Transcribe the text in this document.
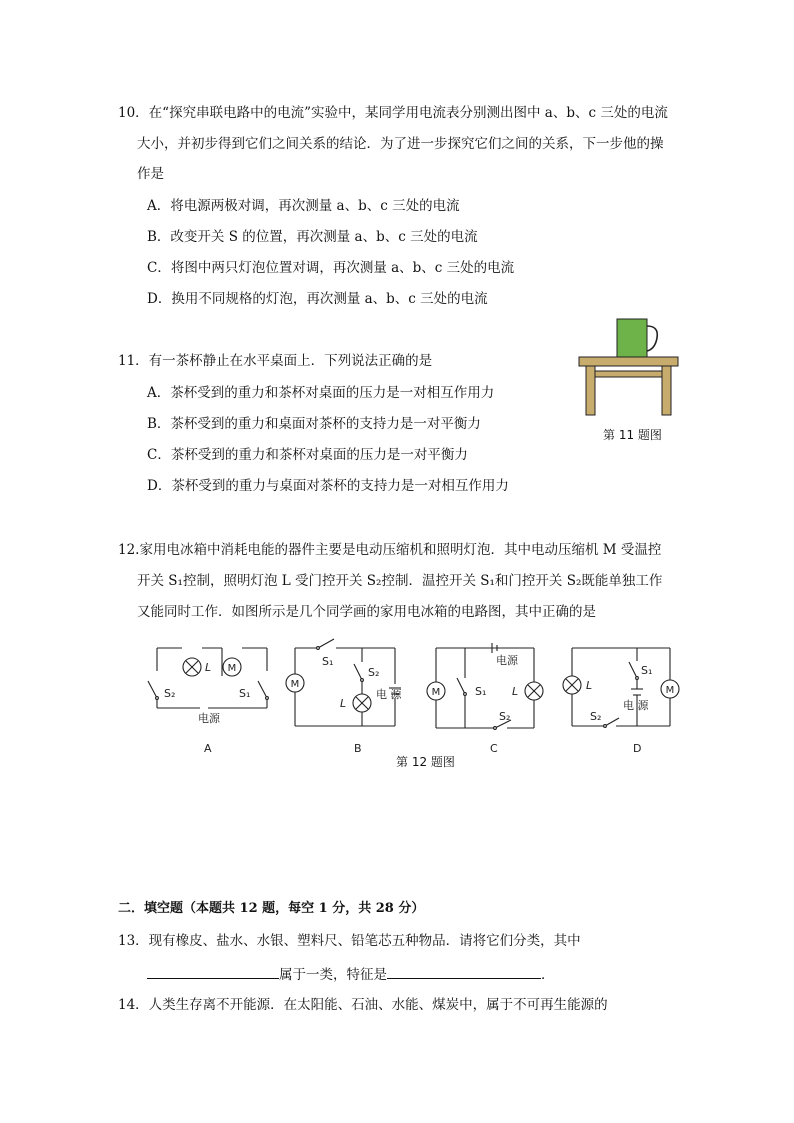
10．在“探究串联电路中的电流”实验中，某同学用电流表分别测出图中 a、b、c 三处的电流
大小，并初步得到它们之间关系的结论．为了进一步探究它们之间的关系，下一步他的操
作是
A．将电源两极对调，再次测量 a、b、c 三处的电流
B．改变开关 S 的位置，再次测量 a、b、c 三处的电流
C．将图中两只灯泡位置对调，再次测量 a、b、c 三处的电流
D．换用不同规格的灯泡，再次测量 a、b、c 三处的电流
11．有一茶杯静止在水平桌面上．下列说法正确的是
A．茶杯受到的重力和茶杯对桌面的压力是一对相互作用力
B．茶杯受到的重力和桌面对茶杯的支持力是一对平衡力
C．茶杯受到的重力和茶杯对桌面的压力是一对平衡力
D．茶杯受到的重力与桌面对茶杯的支持力是一对相互作用力
第 11 题图
12.家用电冰箱中消耗电能的器件主要是电动压缩机和照明灯泡．其中电动压缩机 M 受温控
开关 S₁控制，照明灯泡 L 受门控开关 S₂控制．温控开关 S₁和门控开关 S₂既能单独工作
又能同时工作．如图所示是几个同学画的家用电冰箱的电路图，其中正确的是
M
L
S₂	S₁
电源
A
M
S₁
S₂
L
电 源
B
M
电源
S₁ L
S₂
C
M
L
S₁
电 源
S₂
D
第 12 题图
二．填空题（本题共 12 题，每空 1 分，共 28 分）
13．现有橡皮、盐水、水银、塑料尺、铅笔芯五种物品．请将它们分类，其中
属于一类，特征是	．
14．人类生存离不开能源．在太阳能、石油、水能、煤炭中，属于不可再生能源的
